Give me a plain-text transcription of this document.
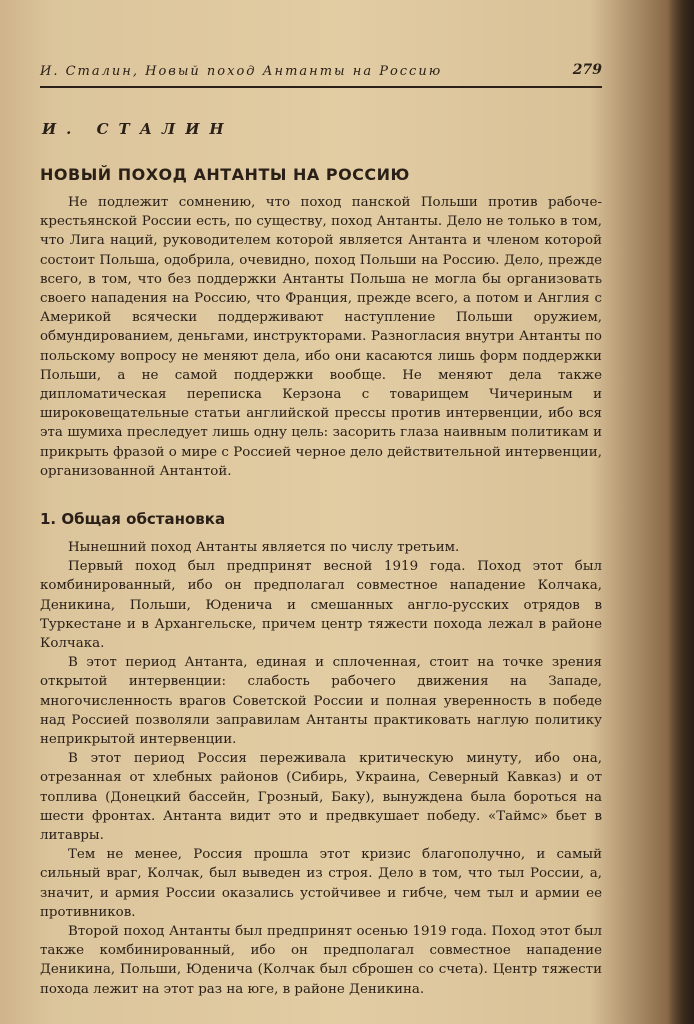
И. Сталин, Новый поход Антанты на Россию	279
И. СТАЛИН
НОВЫЙ ПОХОД АНТАНТЫ НА РОССИЮ

Не подлежит сомнению, что поход панской Польши против рабоче-крестьянской России есть, по существу, поход Антанты. Дело не только в том, что Лига наций, руководителем которой является Антанта и членом которой состоит Польша, одобрила, очевидно, поход Польши на Россию. Дело, прежде всего, в том, что без поддержки Антанты Польша не могла бы организовать своего нападения на Россию, что Франция, прежде всего, а потом и Англия с Америкой всячески поддерживают наступление Польши оружием, обмундированием, деньгами, инструкторами. Разногласия внутри Антанты по польскому вопросу не меняют дела, ибо они касаются лишь форм поддержки Польши, а не самой поддержки вообще. Не меняют дела также дипломатическая переписка Керзона с товарищем Чичериным и широковещательные статьи английской прессы против интервенции, ибо вся эта шумиха преследует лишь одну цель: засорить глаза наивным политикам и прикрыть фразой о мире с Россией черное дело действительной интервенции, организованной Антантой.

1. Общая обстановка

Нынешний поход Антанты является по числу третьим.

Первый поход был предпринят весной 1919 года. Поход этот был комбинированный, ибо он предполагал совместное нападение Колчака, Деникина, Польши, Юденича и смешанных англо-русских отрядов в Туркестане и в Архангельске, причем центр тяжести похода лежал в районе Колчака.

В этот период Антанта, единая и сплоченная, стоит на точке зрения открытой интервенции: слабость рабочего движения на Западе, многочисленность врагов Советской России и полная уверенность в победе над Россией позволяли заправилам Антанты практиковать наглую политику неприкрытой интервенции.

В этот период Россия переживала критическую минуту, ибо она, отрезанная от хлебных районов (Сибирь, Украина, Северный Кавказ) и от топлива (Донецкий бассейн, Грозный, Баку), вынуждена была бороться на шести фронтах. Антанта видит это и предвкушает победу. «Таймс» бьет в литавры.

Тем не менее, Россия прошла этот кризис благополучно, и самый сильный враг, Колчак, был выведен из строя. Дело в том, что тыл России, а, значит, и армия России оказались устойчивее и гибче, чем тыл и армии ее противников.

Второй поход Антанты был предпринят осенью 1919 года. Поход этот был также комбинированный, ибо он предполагал совместное нападение Деникина, Польши, Юденича (Колчак был сброшен со счета). Центр тяжести похода лежит на этот раз на юге, в районе Деникина.
